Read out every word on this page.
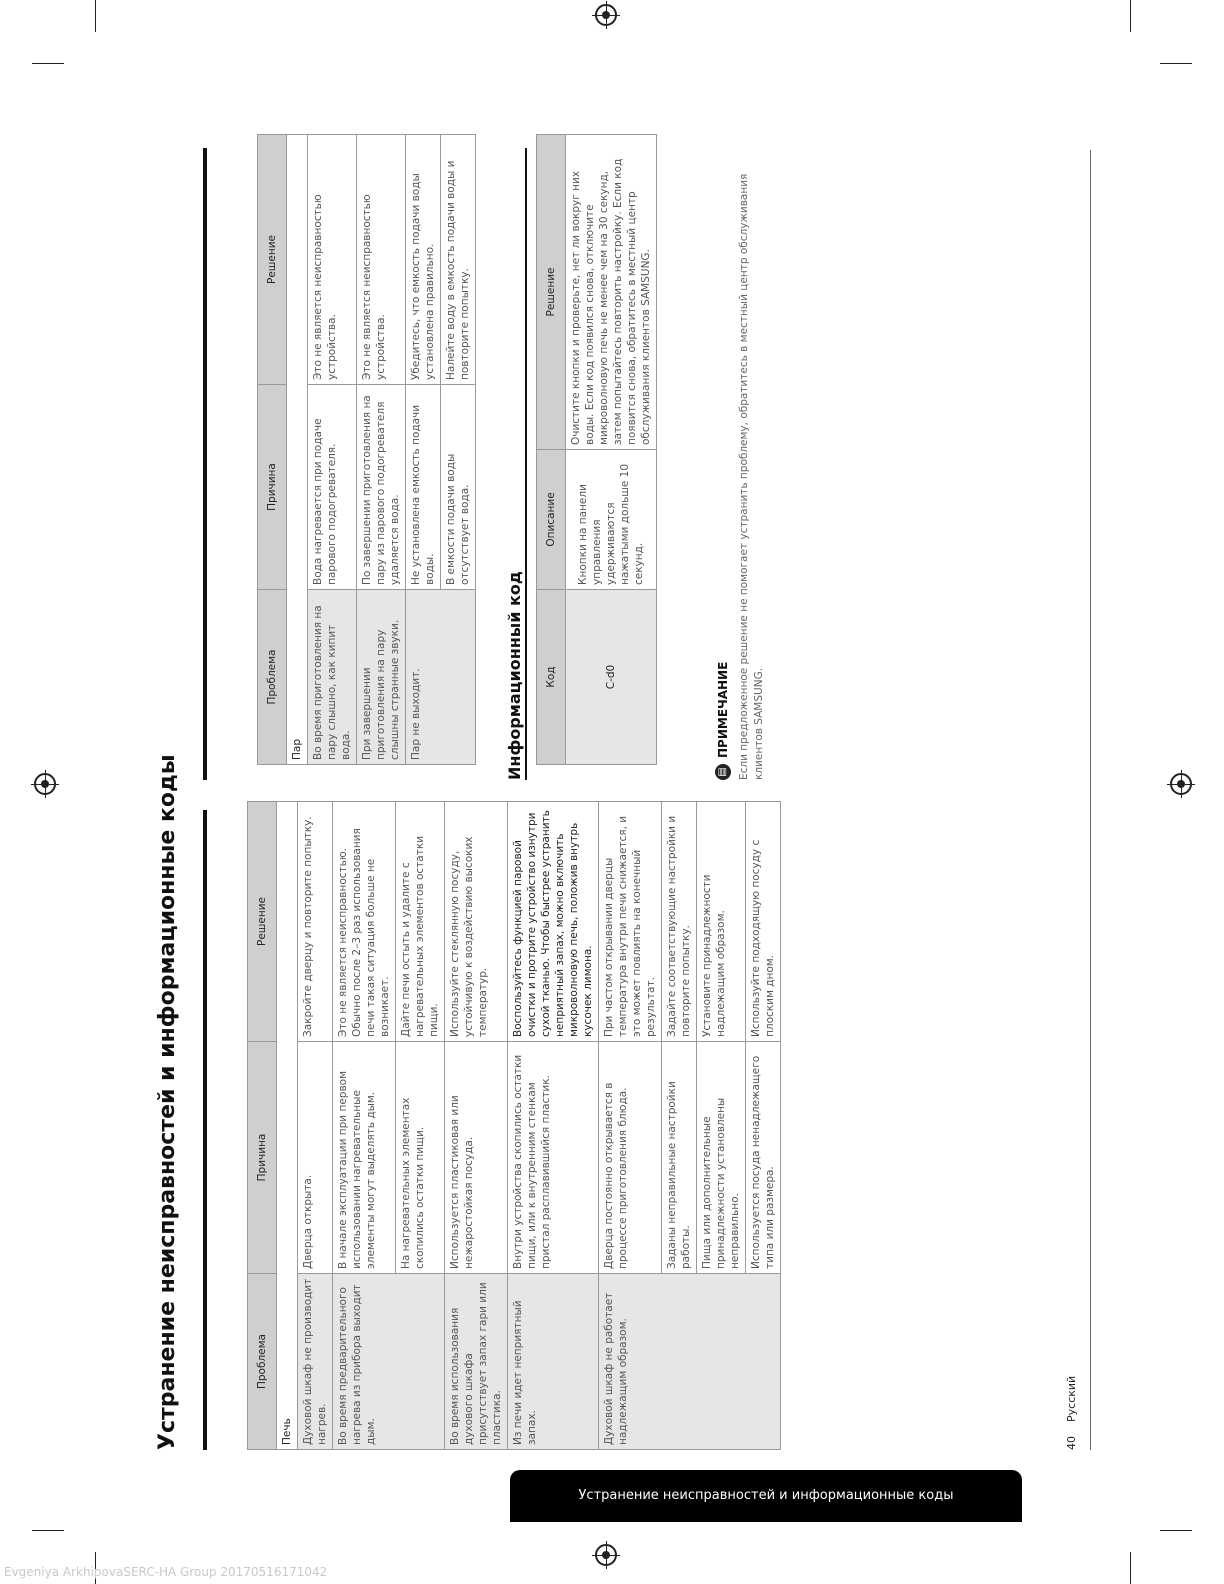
Устранение неисправностей и информационные коды	Проблема	Причина	Решение
Печь		
Духовой шкаф не производит нагрев.	Дверца открыта.	Закройте дверцу и повторите попытку.
Во время предварительного нагрева из прибора выходит дым.	В начале эксплуатации при первом использовании нагревательные элементы могут выделять дым.	Это не является неисправностью. Обычно после 2–3 раз использования печи такая ситуация больше не возникает.
	На нагревательных элементах скопились остатки пищи.	Дайте печи остыть и удалите с нагревательных элементов остатки пищи.
Во время использования духового шкафа присутствует запах гари или пластика.	Используется пластиковая или нежаростойкая посуда.	Используйте стеклянную посуду, устойчивую к воздействию высоких температур.
Из печи идет неприятный запах.	Внутри устройства скопились остатки пищи, или к внутренним стенкам пристал расплавившийся пластик.	Воспользуйтесь функцией паровой очистки и протрите устройство изнутри сухой тканью. Чтобы быстрее устранить неприятный запах, можно включить микроволновую печь, положив внутрь кусочек лимона.
Духовой шкаф не работает надлежащим образом.	Дверца постоянно открывается в процессе приготовления блюда.	При частом открывании дверцы температура внутри печи снижается, и это может повлиять на конечный результат.
	Заданы неправильные настройки работы.	Задайте соответствующие настройки и повторите попытку.
	Пища или дополнительные принадлежности установлены неправильно.	Установите принадлежности надлежащим образом.
	Используется посуда ненадлежащего типа или размера.	Используйте подходящую посуду с плоским дном.
Проблема	Причина	Решение
Пар		
Во время приготовления на пару слышно, как кипит вода.	Вода нагревается при подаче парового подогревателя.	Это не является неисправностью устройства.
При завершении приготовления на пару слышны странные звуки.	По завершении приготовления на пару из парового подогревателя удаляется вода.	Это не является неисправностью устройства.
Пар не выходит.	Не установлена емкость подачи воды.	Убедитесь, что емкость подачи воды установлена правильно.
	В емкости подачи воды отсутствует вода.	Налейте воду в емкость подачи воды и повторите попытку.
Информационный код Код	Описание	Решение
C-d0	Кнопки на панели управления удерживаются нажатыми дольше 10 секунд.	Очистите кнопки и проверьте, нет ли вокруг них воды. Если код появился снова, отключите микроволновую печь не менее чем на 30 секунд, затем попытайтесь повторить настройку. Если код появится снова, обратитесь в местный центр обслуживания клиентов SAMSUNG.
▤
ПРИМЕЧАНИЕ Если предложенное решение не помогает устранить проблему, обратитесь в местный центр обслуживания клиентов SAMSUNG.
40    Русский
Устранение неисправностей и информационные коды
Evgeniya ArkhipovaSERC-HA Group 20170516171042
